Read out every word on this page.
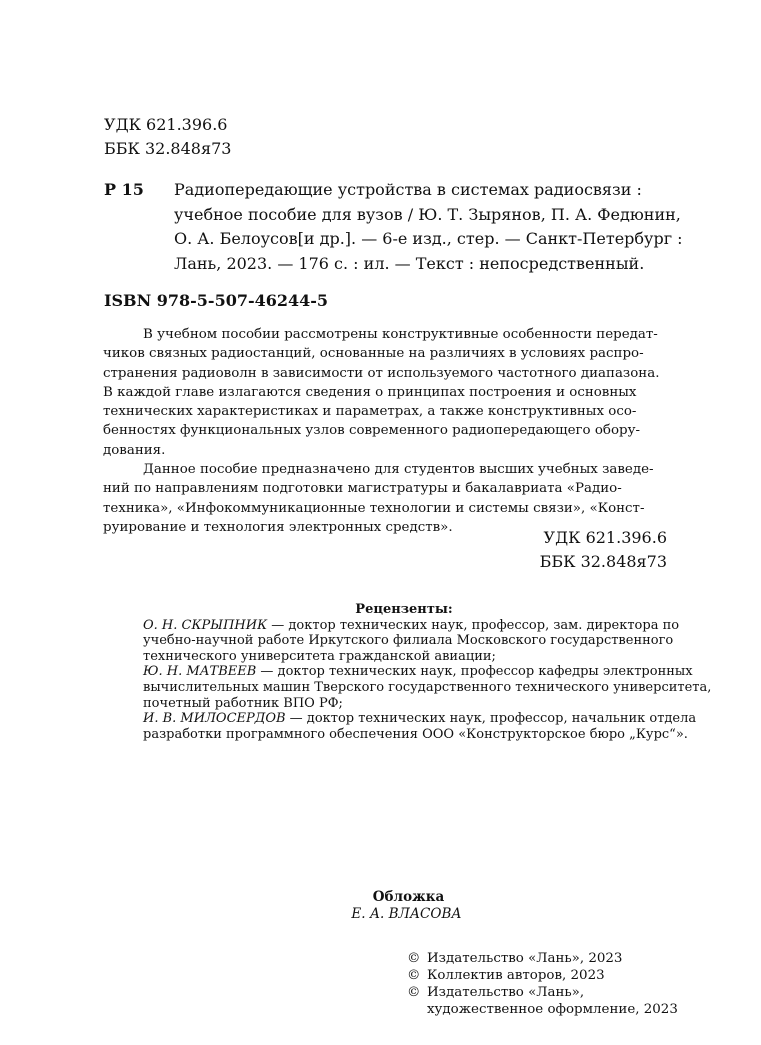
УДК 621.396.6
ББК 32.848я73
Р 15 Радиопередающие устройства в системах радиосвязи :
учебное пособие для вузов / Ю. Т. Зырянов, П. А. Федюнин,
О. А. Белоусов[и др.]. — 6-е изд., стер. — Санкт-Петербург :
Лань, 2023. — 176 с. : ил. — Текст : непосредственный.
ISBN 978-5-507-46244-5
В учебном пособии рассмотрены конструктивные особенности передат-
чиков связных радиостанций, основанные на различиях в условиях распро-
странения радиоволн в зависимости от используемого частотного диапазона.
В каждой главе излагаются сведения о принципах построения и основных
технических характеристиках и параметрах, а также конструктивных осо-
бенностях функциональных узлов современного радиопередающего обору-
дования.
Данное пособие предназначено для студентов высших учебных заведе-
ний по направлениям подготовки магистратуры и бакалавриата «Радио-
техника», «Инфокоммуникационные технологии и системы связи», «Конст-
руирование и технология электронных средств».
УДК 621.396.6
ББК 32.848я73
Рецензенты:
О. Н. СКРЫПНИК — доктор технических наук, профессор, зам. директора по
учебно-научной работе Иркутского филиала Московского государственного
технического университета гражданской авиации;
Ю. Н. МАТВЕЕВ — доктор технических наук, профессор кафедры электронных
вычислительных машин Тверского государственного технического университета,
почетный работник ВПО РФ;
И. В. МИЛОСЕРДОВ — доктор технических наук, профессор, начальник отдела
разработки программного обеспечения ООО «Конструкторское бюро „Курс“».
Обложка
Е. А. ВЛАСОВА
© Издательство «Лань», 2023
© Коллектив авторов, 2023
© Издательство «Лань»,
художественное оформление, 2023
